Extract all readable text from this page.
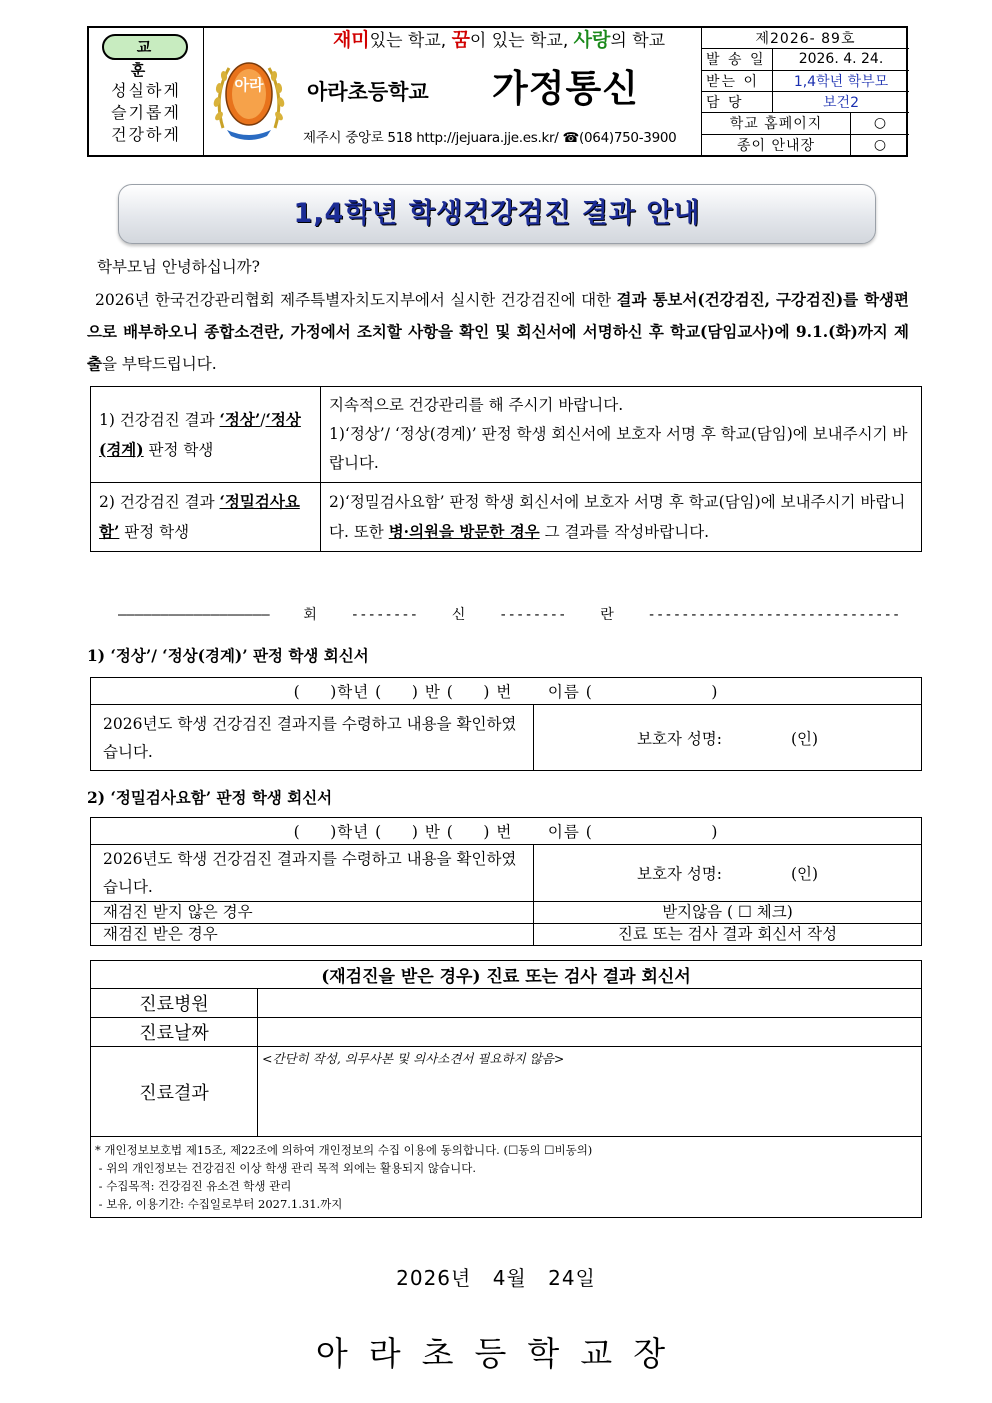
교 훈
성실하게
슬기롭게
건강하게
아라
재미있는 학교, 꿈이 있는 학교, 사랑의 학교
아라초등학교 가정통신
제주시 중앙로 518 http://jejuara.jje.es.kr/ ☎(064)750-3900
제2026- 89호		
발 송 일	2026. 4. 24.	
받는 이	1,4학년 학부모	
담 당	보건2	
학교 홈페이지		○
종이 안내장		○
1,4학년 학생건강검진 결과 안내
학부모님 안녕하십니까?
2026년 한국건강관리협회 제주특별자치도지부에서 실시한 건강검진에 대한 결과 통보서(건강검진, 구강검진)를 학생편으로 배부하오니 종합소견란, 가정에서 조치할 사항을 확인 및 회신서에 서명하신 후 학교(담임교사)에 9.1.(화)까지 제출을 부탁드립니다.
1) 건강검진 결과 ‘정상’/‘정상(경계) 판정 학생	지속적으로 건강관리를 해 주시기 바랍니다.
1)‘정상’/ ‘정상(경계)’ 판정 학생 회신서에 보호자 서명 후 학교(담임)에 보내주시기 바랍니다.

2) 건강검진 결과 ‘정밀검사요함’ 판정 학생	2)‘정밀검사요함’ 판정 학생 회신서에 보호자 서명 후 학교(담임)에 보내주시기 바랍니다. 또한 병·의원을 방문한 경우 그 결과를 작성바랍니다.
——————————————————    회    --------    신    --------    란    ------------------------------
1) ‘정상’/ ‘정상(경계)’ 판정 학생 회신서
(     )학년 (     ) 반 (     ) 번      이름 (                    )
2026년도 학생 건강검진 결과지를 수령하고 내용을 확인하였습니다.	보호자 성명:              (인)
2) ‘정밀검사요함’ 판정 학생 회신서
(     )학년 (     ) 반 (     ) 번      이름 (                    )	
2026년도 학생 건강검진 결과지를 수령하고 내용을 확인하였습니다.	보호자 성명:              (인)
재검진 받지 않은 경우	받지않음 ( ☐ 체크)
재검진 받은 경우	진료 또는 검사 결과 회신서 작성
(재검진을 받은 경우) 진료 또는 검사 결과 회신서	
진료병원	
진료날짜	
진료결과	<간단히 작성, 의무사본 및 의사소견서 필요하지 않음>

* 개인정보보호법 제15조, 제22조에 의하여 개인정보의 수집 이용에 동의합니다. (☐동의 ☐비동의)
- 위의 개인정보는 건강검진 이상 학생 관리 목적 외에는 활용되지 않습니다.
- 수집목적: 건강검진 유소견 학생 관리
- 보유, 이용기간: 수집일로부터 2027.1.31.까지	
2026년 4월 24일
아라초등학교장
